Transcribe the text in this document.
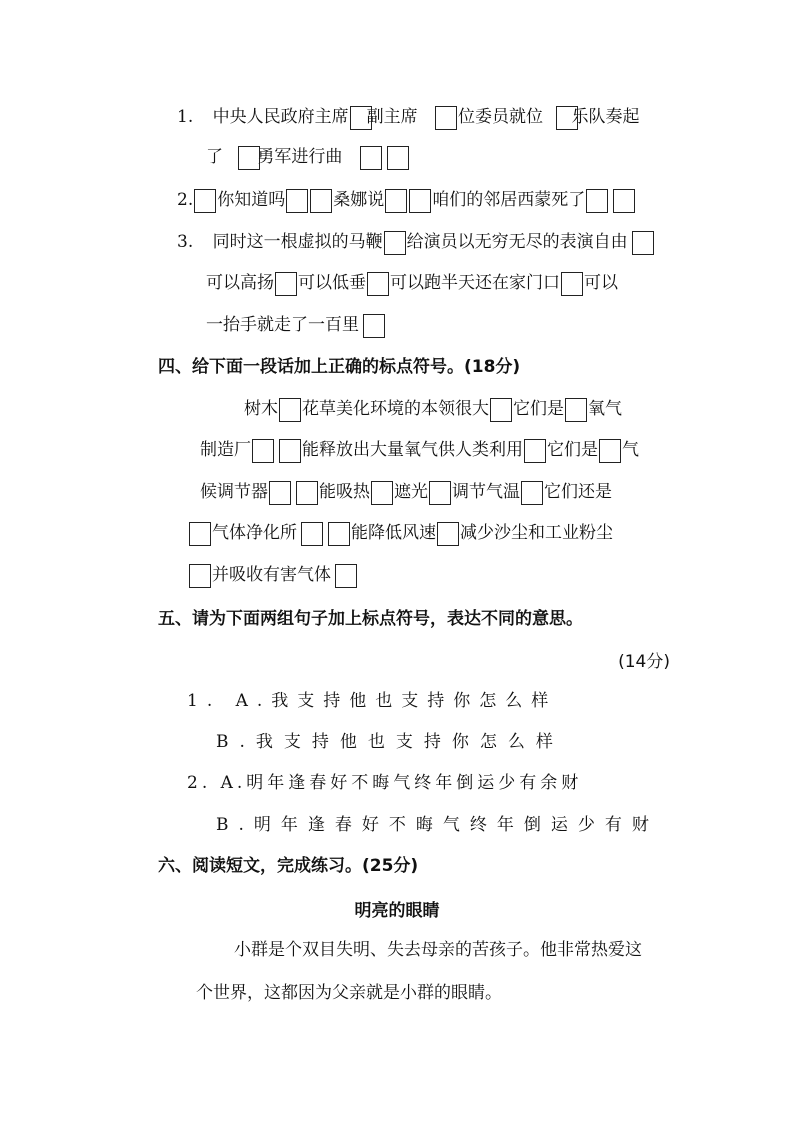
1. 中央人民政府主席 副主席 位委员就位 乐队奏起
了 勇军进行曲
2. 你知道吗	桑娜说	咱们的邻居西蒙死了
3. 同时这一根虚拟的马鞭 给演员以无穷无尽的表演自由
可以高扬 可以低垂 可以跑半天还在家门口 可以
一抬手就走了一百里
四、给下面一段话加上正确的标点符号。(18分)
树木 花草美化环境的本领很大 它们是 氧气
制造厂	能释放出大量氧气供人类利用 它们是 气
候调节器	能吸热 遮光 调节气温 它们还是
气体净化所	能降低风速 减少沙尘和工业粉尘
并吸收有害气体
五、请为下面两组句子加上标点符号，表达不同的意思。
(14分)
1. A.我支持他也支持你怎么样
B.我支持他也支持你怎么样
2. A.明年逢春好不晦气终年倒运少有余财
B.明年逢春好不晦气终年倒运少有财
六、阅读短文，完成练习。(25分)
明亮的眼睛
小群是个双目失明、失去母亲的苦孩子。他非常热爱这
个世界，这都因为父亲就是小群的眼睛。
